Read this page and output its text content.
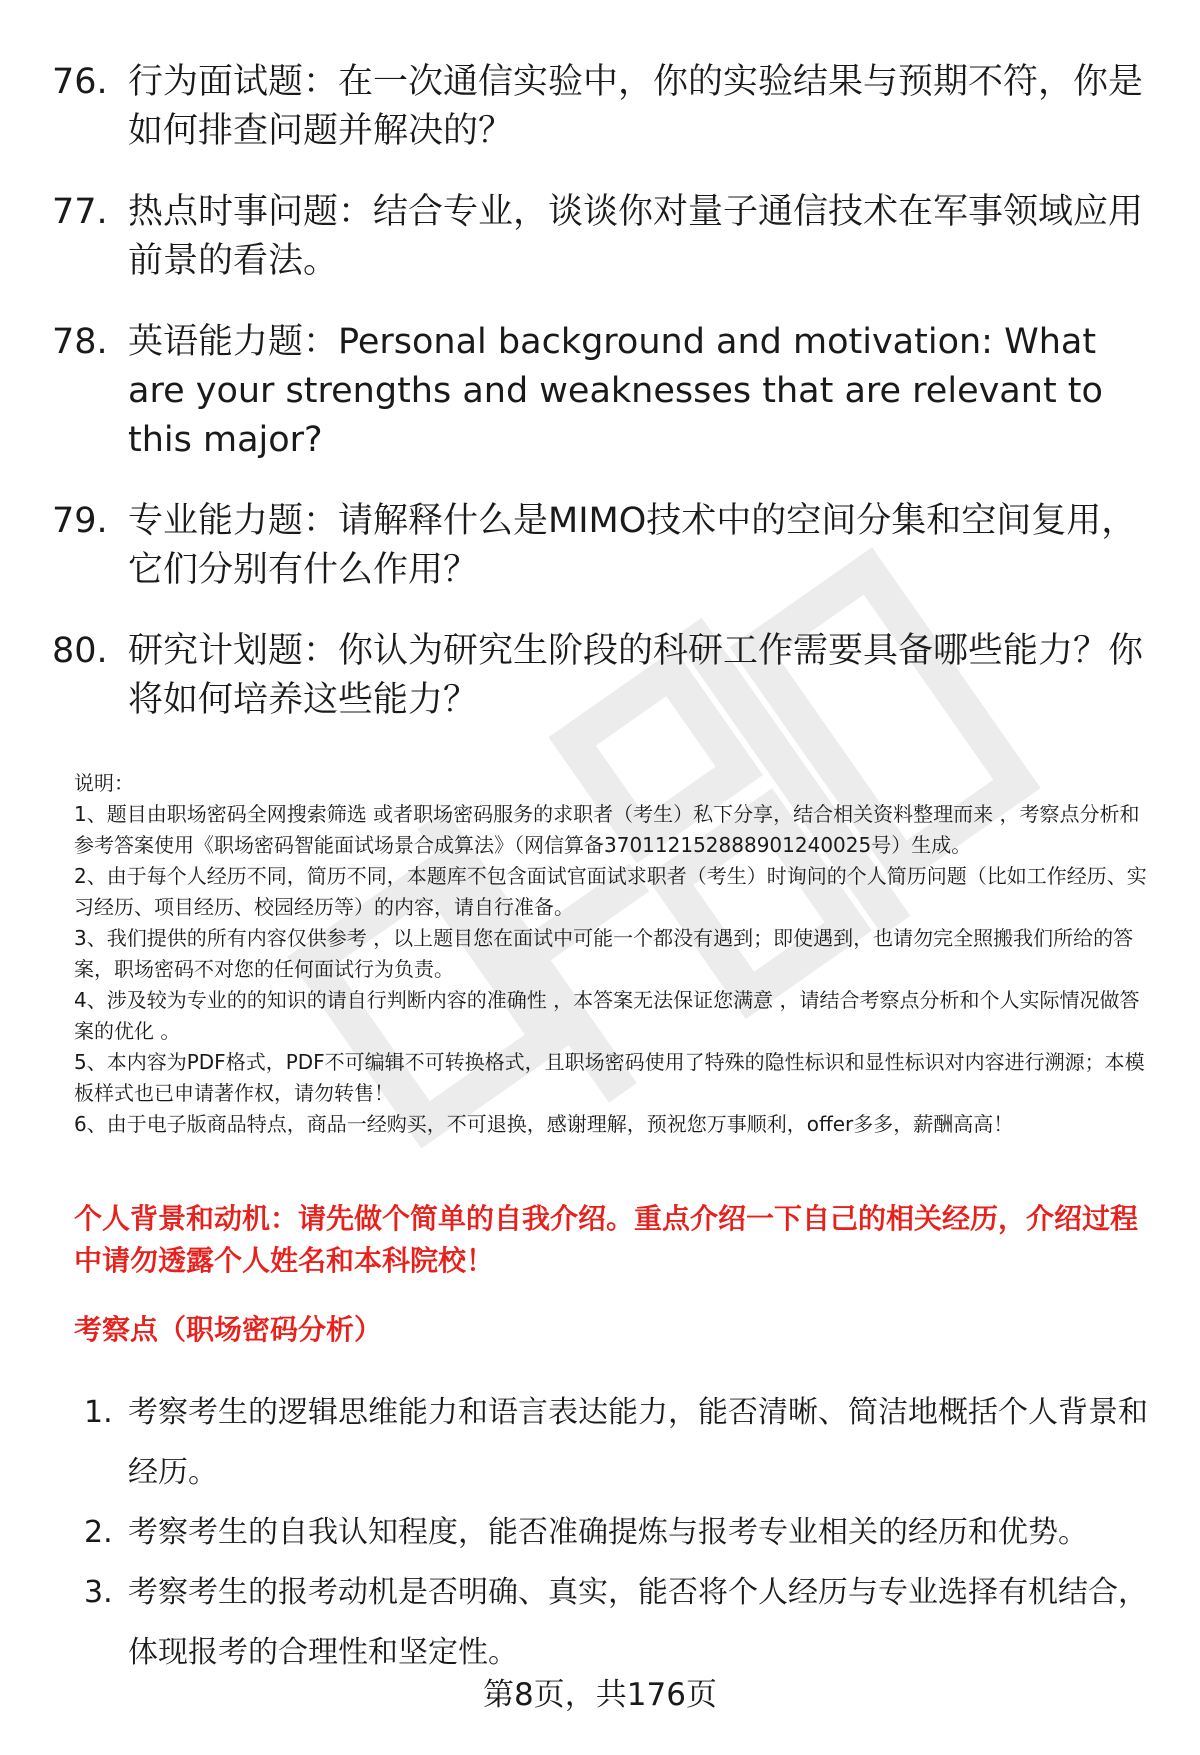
76. 行为面试题：在一次通信实验中，你的实验结果与预期不符，你是如何排查问题并解决的？
77. 热点时事问题：结合专业，谈谈你对量子通信技术在军事领域应用前景的看法。
78. 英语能力题：Personal background and motivation: What are your strengths and weaknesses that are relevant to this major?
79. 专业能力题：请解释什么是MIMO技术中的空间分集和空间复用，它们分别有什么作用？
80. 研究计划题：你认为研究生阶段的科研工作需要具备哪些能力？你将如何培养这些能力？

说明：

1、题目由职场密码全网搜索筛选 或者职场密码服务的求职者（考生）私下分享，结合相关资料整理而来 ，考察点分析和参考答案使用《职场密码智能面试场景合成算法》（网信算备370112152888901240025号）生成。

2、由于每个人经历不同，简历不同，本题库不包含面试官面试求职者（考生）时询问的个人简历问题（比如工作经历、实习经历、项目经历、校园经历等）的内容，请自行准备。

3、我们提供的所有内容仅供参考 ，以上题目您在面试中可能一个都没有遇到；即使遇到，也请勿完全照搬我们所给的答案，职场密码不对您的任何面试行为负责。

4、涉及较为专业的的知识的请自行判断内容的准确性 ，本答案无法保证您满意 ，请结合考察点分析和个人实际情况做答案的优化 。

5、本内容为PDF格式，PDF不可编辑不可转换格式，且职场密码使用了特殊的隐性标识和显性标识对内容进行溯源；本模板样式也已申请著作权，请勿转售！

6、由于电子版商品特点，商品一经购买，不可退换，感谢理解，预祝您万事顺利，offer多多，薪酬高高！

个人背景和动机：请先做个简单的自我介绍。重点介绍一下自己的相关经历，介绍过程中请勿透露个人姓名和本科院校！
考察点（职场密码分析）
1. 考察考生的逻辑思维能力和语言表达能力，能否清晰、简洁地概括个人背景和经历。
2. 考察考生的自我认知程度，能否准确提炼与报考专业相关的经历和优势。
3. 考察考生的报考动机是否明确、真实，能否将个人经历与专业选择有机结合，体现报考的合理性和坚定性。
第8页，共176页
